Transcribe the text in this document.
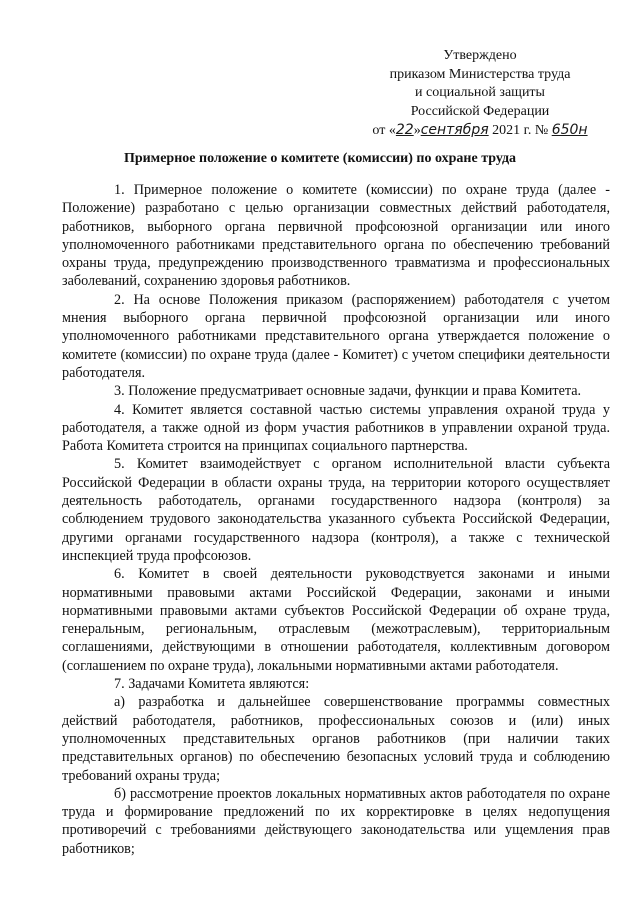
Утверждено
приказом Министерства труда
и социальной защиты
Российской Федерации
от «22»сентября 2021 г. № 650н
Примерное положение о комитете (комиссии) по охране труда

1. Примерное положение о комитете (комиссии) по охране труда (далее - Положение) разработано с целью организации совместных действий работодателя, работников, выборного органа первичной профсоюзной организации или иного уполномоченного работниками представительного органа по обеспечению требований охраны труда, предупреждению производственного травматизма и профессиональных заболеваний, сохранению здоровья работников.

2. На основе Положения приказом (распоряжением) работодателя с учетом мнения выборного органа первичной профсоюзной организации или иного уполномоченного работниками представительного органа утверждается положение о комитете (комиссии) по охране труда (далее - Комитет) с учетом специфики деятельности работодателя.

3. Положение предусматривает основные задачи, функции и права Комитета.

4. Комитет является составной частью системы управления охраной труда у работодателя, а также одной из форм участия работников в управлении охраной труда. Работа Комитета строится на принципах социального партнерства.

5. Комитет взаимодействует с органом исполнительной власти субъекта Российской Федерации в области охраны труда, на территории которого осуществляет деятельность работодатель, органами государственного надзора (контроля) за соблюдением трудового законодательства указанного субъекта Российской Федерации, другими органами государственного надзора (контроля), а также с технической инспекцией труда профсоюзов.

6. Комитет в своей деятельности руководствуется законами и иными нормативными правовыми актами Российской Федерации, законами и иными нормативными правовыми актами субъектов Российской Федерации об охране труда, генеральным, региональным, отраслевым (межотраслевым), территориальным соглашениями, действующими в отношении работодателя, коллективным договором (соглашением по охране труда), локальными нормативными актами работодателя.

7. Задачами Комитета являются:

а) разработка и дальнейшее совершенствование программы совместных действий работодателя, работников, профессиональных союзов и (или) иных уполномоченных представительных органов работников (при наличии таких представительных органов) по обеспечению безопасных условий труда и соблюдению требований охраны труда;

б) рассмотрение проектов локальных нормативных актов работодателя по охране труда и формирование предложений по их корректировке в целях недопущения противоречий с требованиями действующего законодательства или ущемления прав работников;
